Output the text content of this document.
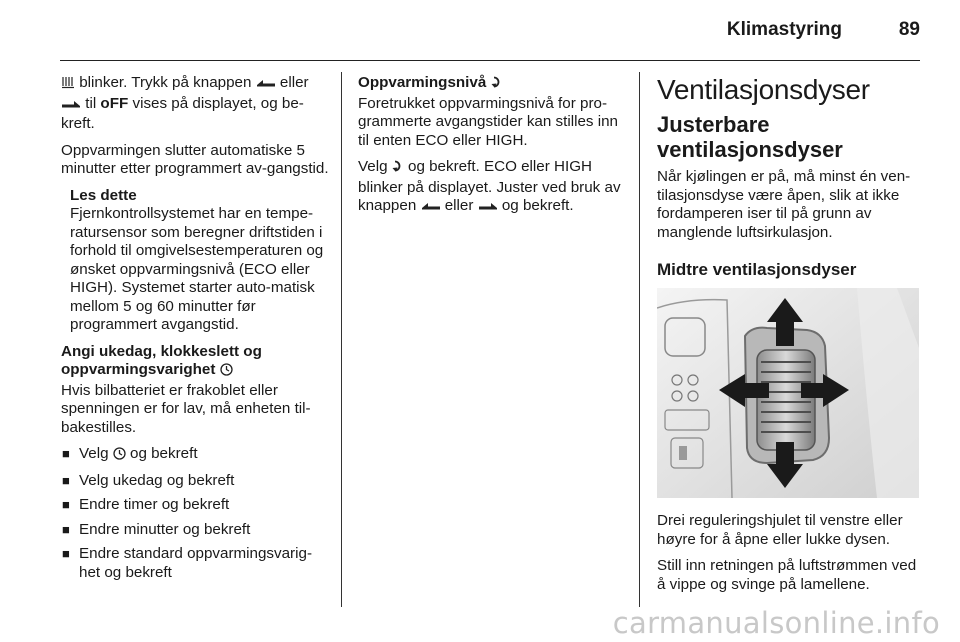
Klimastyring	89

blinker. Trykk på knappen  eller
til oFF vises på displayet, og be-kreft.

Oppvarmingen slutter automatiske 5 minutter etter programmert av-gangstid.

Les dette
Fjernkontrollsystemet har en tempe-ratursensor som beregner driftstiden i forhold til omgivelsestemperaturen og ønsket oppvarmingsnivå (ECO eller HIGH). Systemet starter auto-matisk mellom 5 og 60 minutter før programmert avgangstid.

Angi ukedag, klokkeslett og oppvarmingsvarighet

Hvis bilbatteriet er frakoblet eller spenningen er for lav, må enheten til-bakestilles.

■ Velg  og bekreft
■ Velg ukedag og bekreft
■ Endre timer og bekreft
■ Endre minutter og bekreft
■ Endre standard oppvarmingsvarig-het og bekreft

Oppvarmingsnivå

Foretrukket oppvarmingsnivå for pro-grammerte avgangstider kan stilles inn til enten ECO eller HIGH.

Velg  og bekreft. ECO eller HIGH blinker på displayet. Juster ved bruk av knappen  eller  og bekreft.

Ventilasjonsdyser
Justerbare ventilasjonsdyser

Når kjølingen er på, må minst én ven-tilasjonsdyse være åpen, slik at ikke fordamperen iser til på grunn av manglende luftsirkulasjon.

Midtre ventilasjonsdyser

Drei reguleringshjulet til venstre eller høyre for å åpne eller lukke dysen.

Still inn retningen på luftstrømmen ved å vippe og svinge på lamellene.

carmanualsonline.info
